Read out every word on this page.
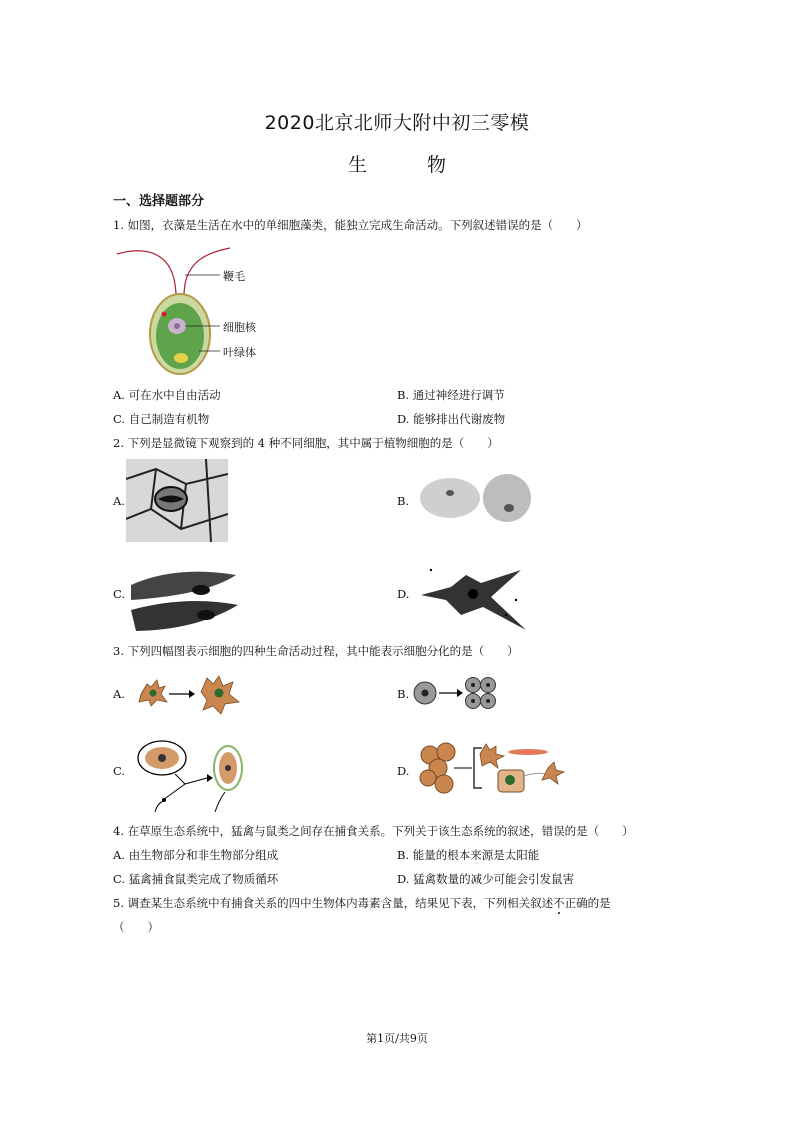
2020北京北师大附中初三零模
生	物
一、选择题部分
1. 如图，衣藻是生活在水中的单细胞藻类，能独立完成生命活动。下列叙述错误的是（　　）
鞭毛
细胞核
叶绿体
A. 可在水中自由活动	B. 通过神经进行调节
C. 自己制造有机物	D. 能够排出代谢废物
2. 下列是显微镜下观察到的 4 种不同细胞，其中属于植物细胞的是（　　）
A.	B.
C.	D.
3. 下列四幅图表示细胞的四种生命活动过程，其中能表示细胞分化的是（　　）
A.	B.
C.	D.
4. 在草原生态系统中，猛禽与鼠类之间存在捕食关系。下列关于该生态系统的叙述，错误的是（　　）
A. 由生物部分和非生物部分组成	B. 能量的根本来源是太阳能
C. 猛禽捕食鼠类完成了物质循环	D. 猛禽数量的减少可能会引发鼠害
5. 调查某生态系统中有捕食关系的四中生物体内毒素含量，结果见下表，下列相关叙述不正确的是
（　　）
第1页/共9页
